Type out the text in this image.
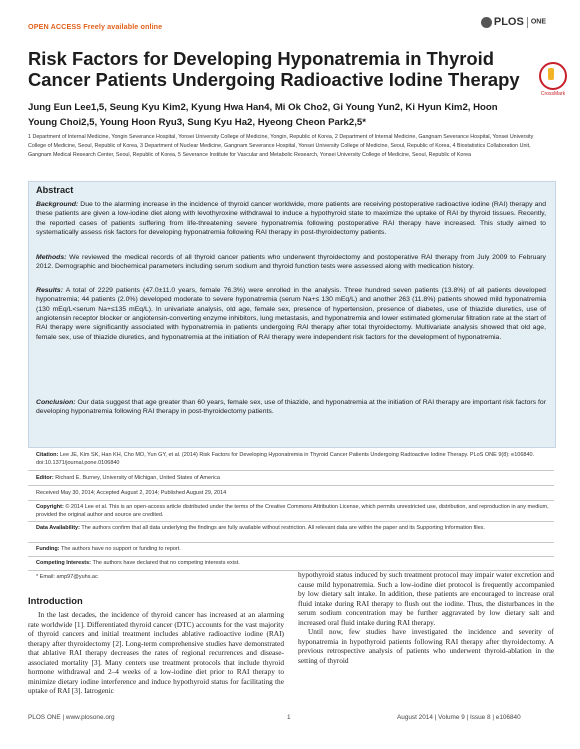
OPEN ACCESS Freely available online	PLOS ONE
Risk Factors for Developing Hyponatremia in Thyroid Cancer Patients Undergoing Radioactive Iodine Therapy
CrossMark
Jung Eun Lee1,5, Seung Kyu Kim2, Kyung Hwa Han4, Mi Ok Cho2, Gi Young Yun2, Ki Hyun Kim2, Hoon
Young Choi2,5, Young Hoon Ryu3, Sung Kyu Ha2, Hyeong Cheon Park2,5*
1 Department of Internal Medicine, Yongin Severance Hospital, Yonsei University College of Medicine, Yongin, Republic of Korea, 2 Department of Internal Medicine, Gangnam Severance Hospital, Yonsei University College of Medicine, Seoul, Republic of Korea, 3 Department of Nuclear Medicine, Gangnam Severance Hospital, Yonsei University College of Medicine, Seoul, Republic of Korea, 4 Biostatistics Collaboration Unit, Gangnam Medical Research Center, Seoul, Republic of Korea, 5 Severance Institute for Vascular and Metabolic Research, Yonsei University College of Medicine, Seoul, Republic of Korea
Abstract
Background: Due to the alarming increase in the incidence of thyroid cancer worldwide, more patients are receiving postoperative radioactive iodine (RAI) therapy and these patients are given a low-iodine diet along with levothyroxine withdrawal to induce a hypothyroid state to maximize the uptake of RAI by thyroid tissues. Recently, the reported cases of patients suffering from life-threatening severe hyponatremia following postoperative RAI therapy have increased. This study aimed to systematically assess risk factors for developing hyponatremia following RAI therapy in post-thyroidectomy patients.
Methods: We reviewed the medical records of all thyroid cancer patients who underwent thyroidectomy and postoperative RAI therapy from July 2009 to February 2012. Demographic and biochemical parameters including serum sodium and thyroid function tests were assessed along with medication history.
Results: A total of 2229 patients (47.0±11.0 years, female 76.3%) were enrolled in the analysis. Three hundred seven patients (13.8%) of all patients developed hyponatremia; 44 patients (2.0%) developed moderate to severe hyponatremia (serum Na+≤ 130 mEq/L) and another 263 (11.8%) patients showed mild hyponatremia (130 mEq/L<serum Na+≤135 mEq/L). In univariate analysis, old age, female sex, presence of hypertension, presence of diabetes, use of thiazide diuretics, use of angiotensin receptor blocker or angiotensin-converting enzyme inhibitors, lung metastasis, and hyponatremia and lower estimated glomerular filtration rate at the start of RAI therapy were significantly associated with hyponatremia in patients undergoing RAI therapy after total thyroidectomy. Multivariate analysis showed that old age, female sex, use of thiazide diuretics, and hyponatremia at the initiation of RAI therapy were independent risk factors for the development of hyponatremia.
Conclusion: Our data suggest that age greater than 60 years, female sex, use of thiazide, and hyponatremia at the initiation of RAI therapy are important risk factors for developing hyponatremia following RAI therapy in post-thyroidectomy patients.
Citation: Lee JE, Kim SK, Han KH, Cho MO, Yun GY, et al. (2014) Risk Factors for Developing Hyponatremia in Thyroid Cancer Patients Undergoing Radioactive Iodine Therapy. PLoS ONE 9(8): e106840. doi:10.1371/journal.pone.0106840
Editor: Richard E. Burney, University of Michigan, United States of America
Received May 30, 2014; Accepted August 2, 2014; Published August 29, 2014
Copyright: © 2014 Lee et al. This is an open-access article distributed under the terms of the Creative Commons Attribution License, which permits unrestricted use, distribution, and reproduction in any medium, provided the original author and source are credited.
Data Availability: The authors confirm that all data underlying the findings are fully available without restriction. All relevant data are within the paper and its Supporting Information files.
Funding: The authors have no support or funding to report.
Competing Interests: The authors have declared that no competing interests exist.
* Email: amp97@yuhs.ac
Introduction

In the last decades, the incidence of thyroid cancer has increased at an alarming rate worldwide [1]. Differentiated thyroid cancer (DTC) accounts for the vast majority of thyroid cancers and initial treatment includes ablative radioactive iodine (RAI) therapy after thyroidectomy [2]. Long-term comprehensive studies have demonstrated that ablative RAI therapy decreases the rates of regional recurrences and disease-associated mortality [3]. Many centers use treatment protocols that include thyroid hormone withdrawal and 2–4 weeks of a low-iodine diet prior to RAI therapy to minimize dietary iodine interference and induce hypothyroid status for facilitating the uptake of RAI [3]. Iatrogenic

hypothyroid status induced by such treatment protocol may impair water excretion and cause mild hyponatremia. Such a low-iodine diet protocol is frequently accompanied by low dietary salt intake. In addition, these patients are encouraged to increase oral fluid intake during RAI therapy to flush out the iodine. Thus, the disturbances in the serum sodium concentration may be further aggravated by low dietary salt and increased oral fluid intake during RAI therapy.

Until now, few studies have investigated the incidence and severity of hyponatremia in hypothyroid patients following RAI therapy after thyroidectomy. A previous retrospective analysis of patients who underwent thyroid-ablation in the setting of thyroid

PLOS ONE | www.plosone.org	1	August 2014 | Volume 9 | Issue 8 | e106840
